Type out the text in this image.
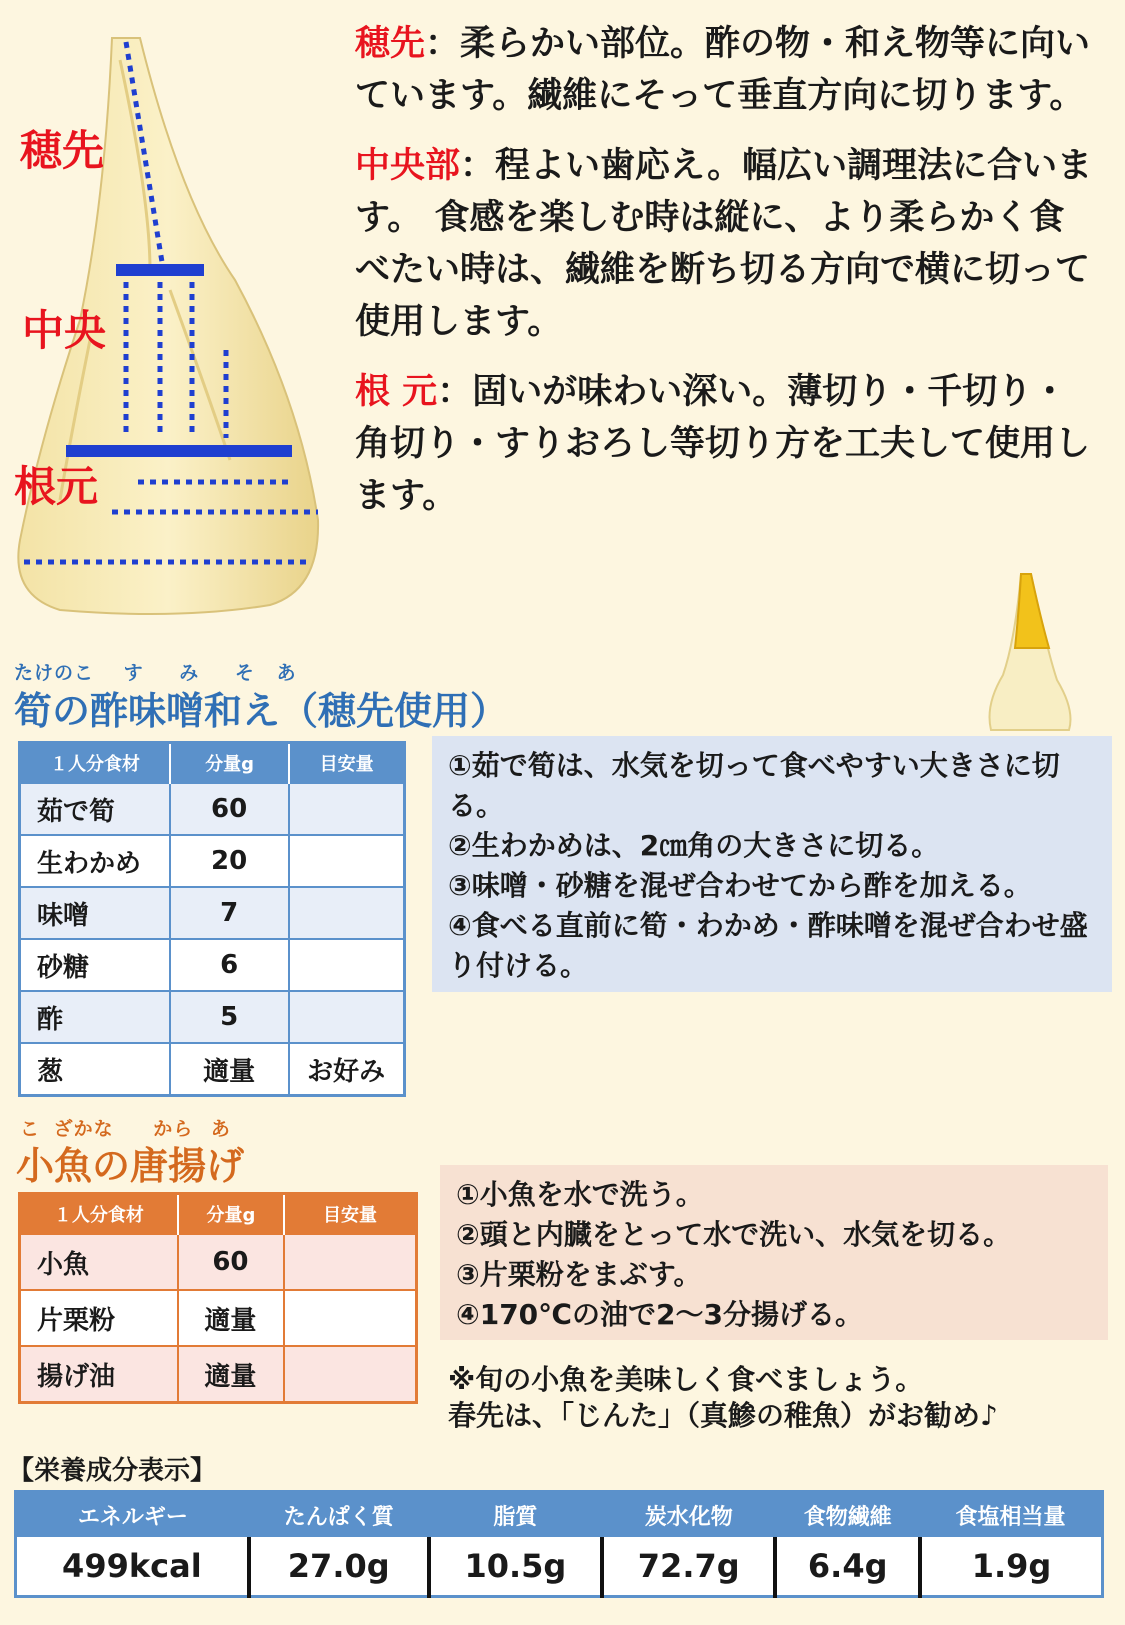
穂先
中央
根元
穂先：柔らかい部位。酢の物・和え物等に向いています。繊維にそって垂直方向に切ります。
中央部：程よい歯応え。幅広い調理法に合います。 食感を楽しむ時は縦に、より柔らかく食べたい時は、繊維を断ち切る方向で横に切って使用します。
根 元：固いが味わい深い。薄切り・千切り・角切り・すりおろし等切り方を工夫して使用します。
たけのこ す み そ あ
筍の酢味噌和え（穂先使用）
１人分食材	分量g	目安量
茹で筍	60	
生わかめ	20	
味噌	7	
砂糖	6	
酢	5	
葱	適量	お好み
①茹で筍は、水気を切って食べやすい大きさに切る。
②生わかめは、2㎝角の大きさに切る。
③味噌・砂糖を混ぜ合わせてから酢を加える。
④食べる直前に筍・わかめ・酢味噌を混ぜ合わせ盛り付ける。
こ ざかな から あ
小魚の唐揚げ
１人分食材	分量g	目安量
小魚	60	
片栗粉	適量	
揚げ油	適量	
①小魚を水で洗う。
②頭と内臓をとって水で洗い、水気を切る。
③片栗粉をまぶす。
④170℃の油で2～3分揚げる。
※旬の小魚を美味しく食べましょう。
春先は、「じんた」（真鯵の稚魚）がお勧め♪
【栄養成分表示】
エネルギー	たんぱく質	脂質	炭水化物	食物繊維	食塩相当量
499kcal	27.0g	10.5g	72.7g	6.4g	1.9g
